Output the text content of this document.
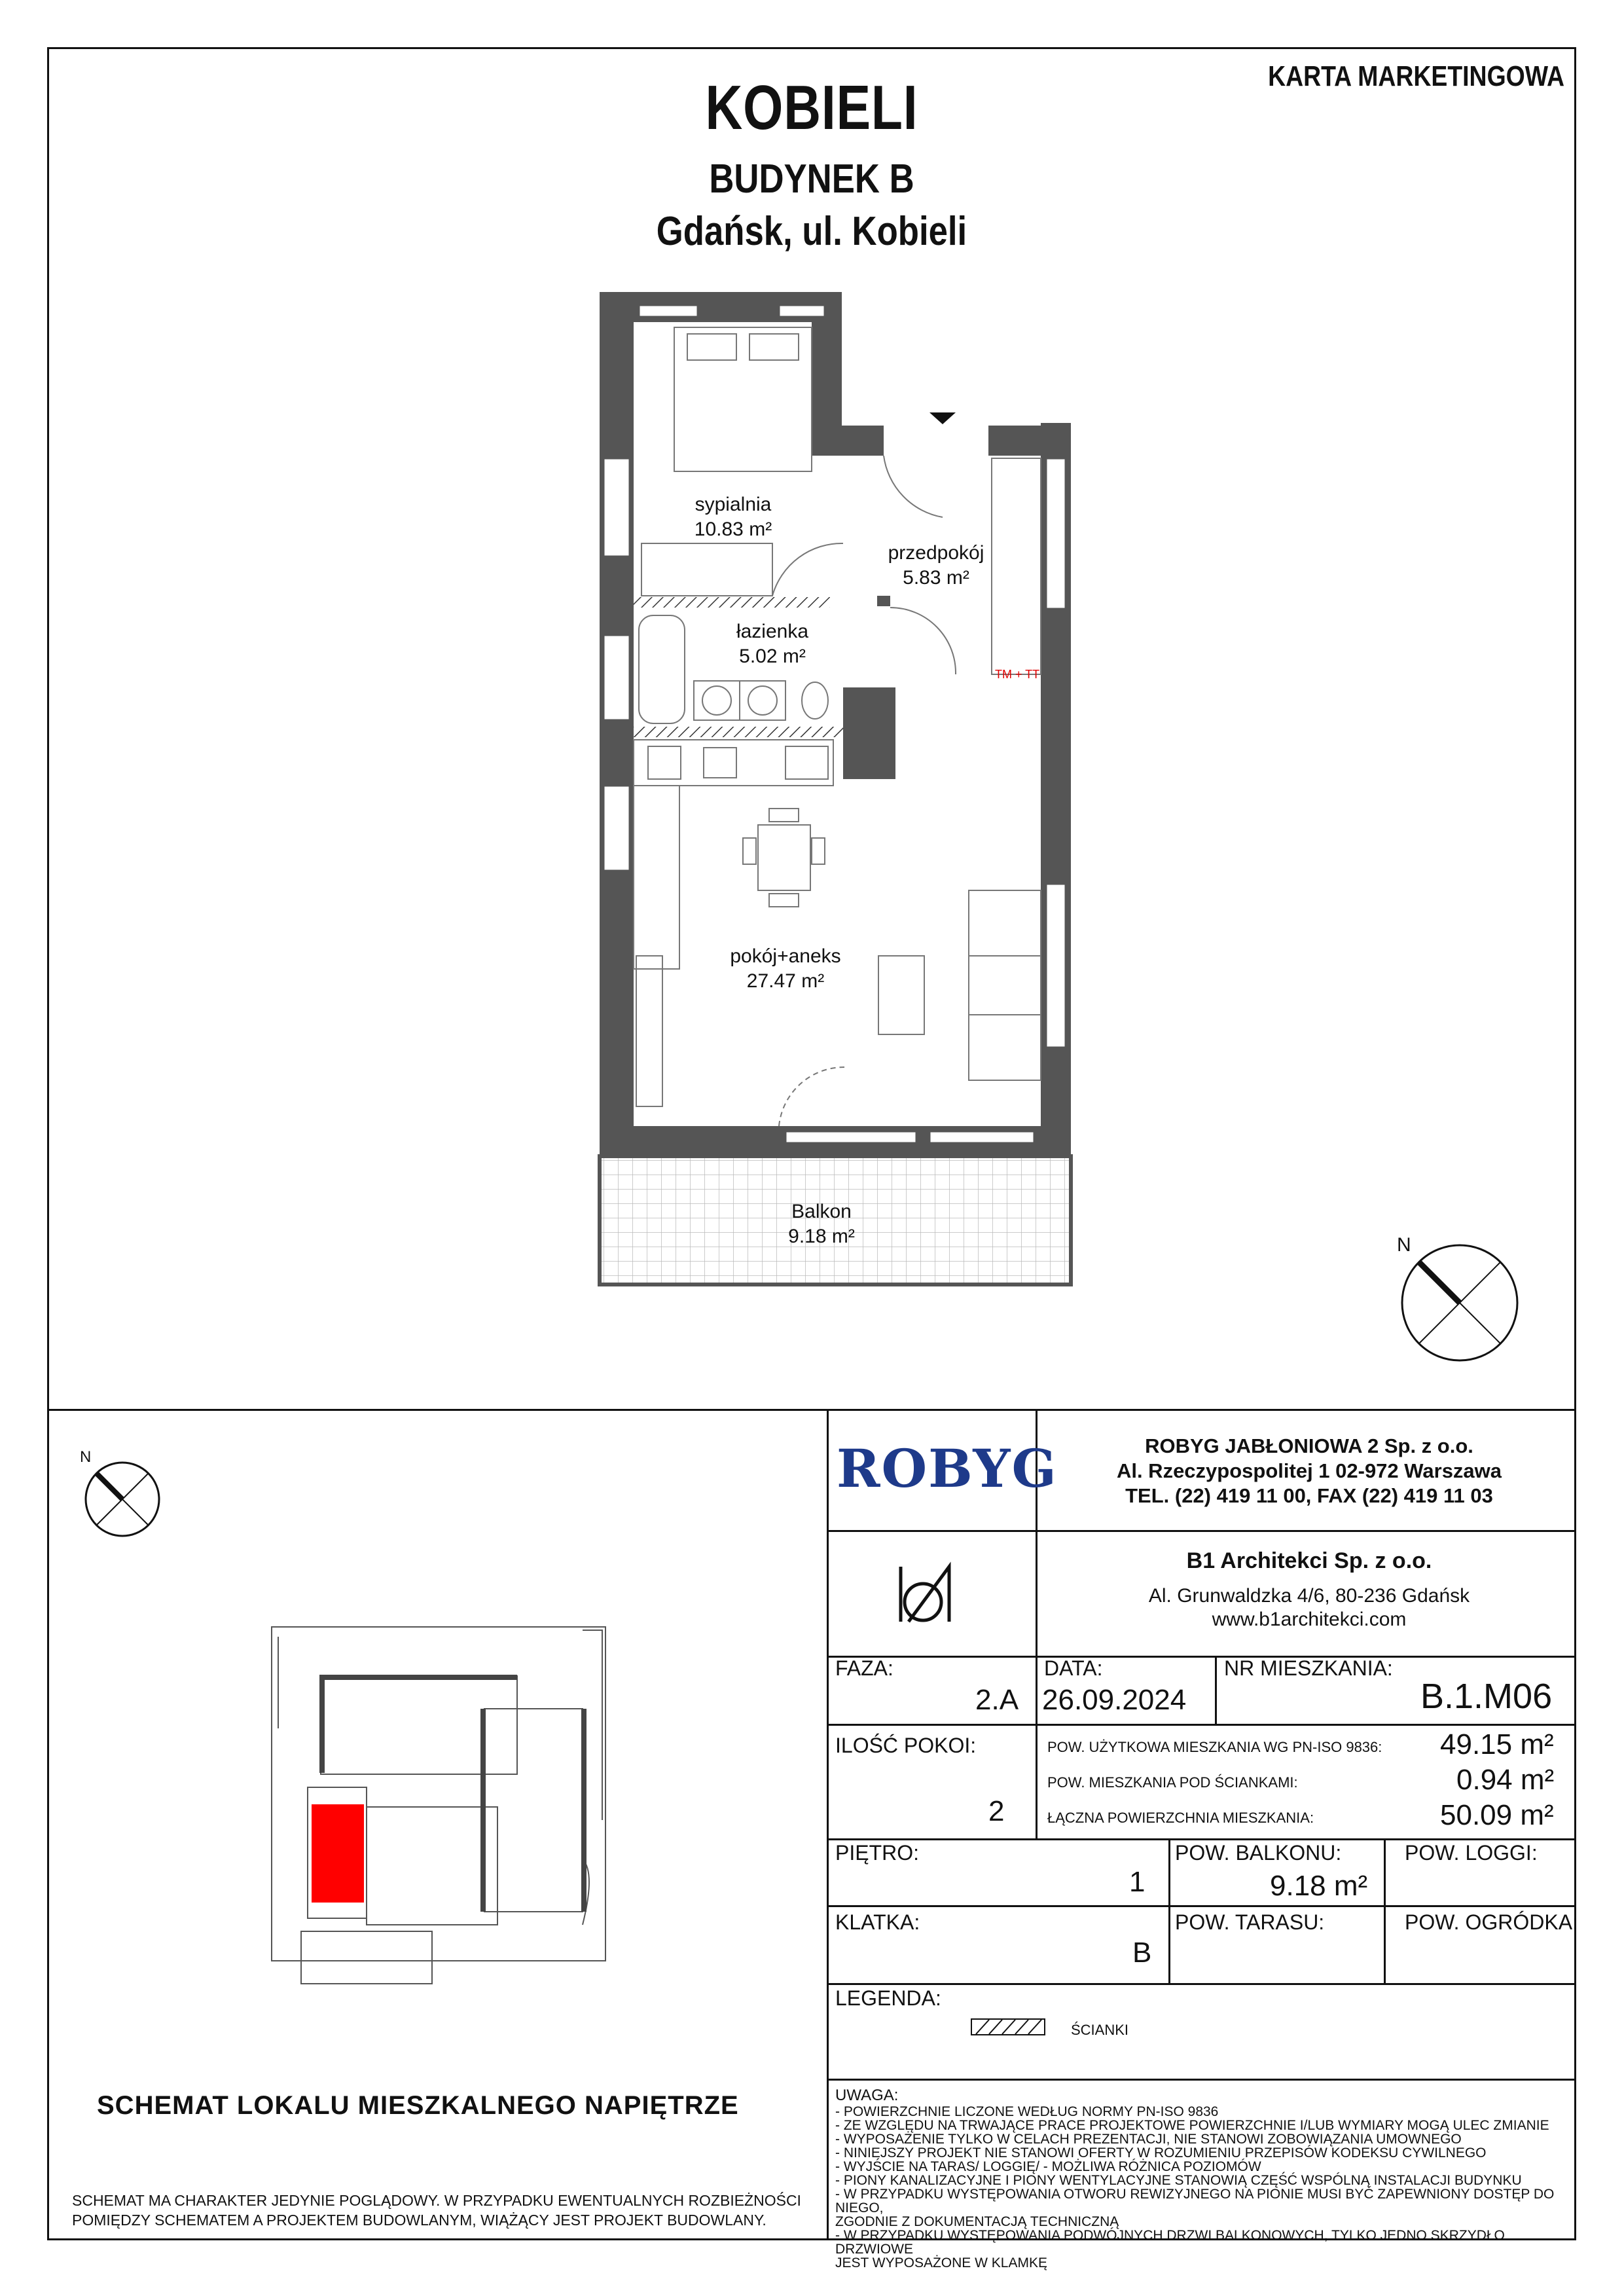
KOBIELI
BUDYNEK B
Gdańsk, ul. Kobieli
KARTA MARKETINGOWA
sypialnia
10.83 m²
przedpokój
5.83 m²
łazienka
5.02 m²
pokój+aneks
27.47 m²
Balkon
9.18 m²
TM + TT
N
N
SCHEMAT LOKALU MIESZKALNEGO NAPIĘTRZE
SCHEMAT MA CHARAKTER JEDYNIE POGLĄDOWY. W PRZYPADKU EWENTUALNYCH ROZBIEŻNOŚCI
POMIĘDZY SCHEMATEM A PROJEKTEM BUDOWLANYM, WIĄŻĄCY JEST PROJEKT BUDOWLANY.
ROBYG	ROBYG JABŁONIOWA 2 Sp. z o.o.
Al. Rzeczypospolitej 1 02-972 Warszawa
TEL. (22) 419 11 00, FAX (22) 419 11 03
B1 Architekci Sp. z o.o.
Al. Grunwaldzka 4/6, 80-236 Gdańsk
www.b1architekci.com
FAZA:
2.A
DATA:
26.09.2024
NR MIESZKANIA:
B.1.M06
ILOŚĆ POKOI:
2
POW. UŻYTKOWA MIESZKANIA WG PN-ISO 9836: 49.15 m²
POW. MIESZKANIA POD ŚCIANKAMI:	0.94 m²
ŁĄCZNA POWIERZCHNIA MIESZKANIA:	50.09 m²
PIĘTRO:
1
POW. BALKONU:
9.18 m²
POW. LOGGI:
KLATKA:
B
POW. TARASU:	POW. OGRÓDKA:
LEGENDA:
ŚCIANKI
UWAGA:
- POWIERZCHNIE LICZONE WEDŁUG NORMY PN-ISO 9836
- ZE WZGLĘDU NA TRWAJĄCE PRACE PROJEKTOWE POWIERZCHNIE I/LUB WYMIARY MOGĄ ULEC ZMIANIE
- WYPOSAŻENIE TYLKO W CELACH PREZENTACJI, NIE STANOWI ZOBOWIĄZANIA UMOWNEGO
- NINIEJSZY PROJEKT NIE STANOWI OFERTY W ROZUMIENIU PRZEPISÓW KODEKSU CYWILNEGO
- WYJŚCIE NA TARAS/ LOGGIĘ/ - MOŻLIWA RÓŻNICA POZIOMÓW
- PIONY KANALIZACYJNE I PIONY WENTYLACYJNE STANOWIĄ CZĘŚĆ WSPÓLNĄ INSTALACJI BUDYNKU
- W PRZYPADKU WYSTĘPOWANIA OTWORU REWIZYJNEGO NA PIONIE MUSI BYĆ ZAPEWNIONY DOSTĘP DO NIEGO,
ZGODNIE Z DOKUMENTACJĄ TECHNICZNĄ
- W PRZYPADKU WYSTĘPOWANIA PODWÓJNYCH DRZWI BALKONOWYCH, TYLKO JEDNO SKRZYDŁO DRZWIOWE
JEST WYPOSAŻONE W KLAMKĘ
